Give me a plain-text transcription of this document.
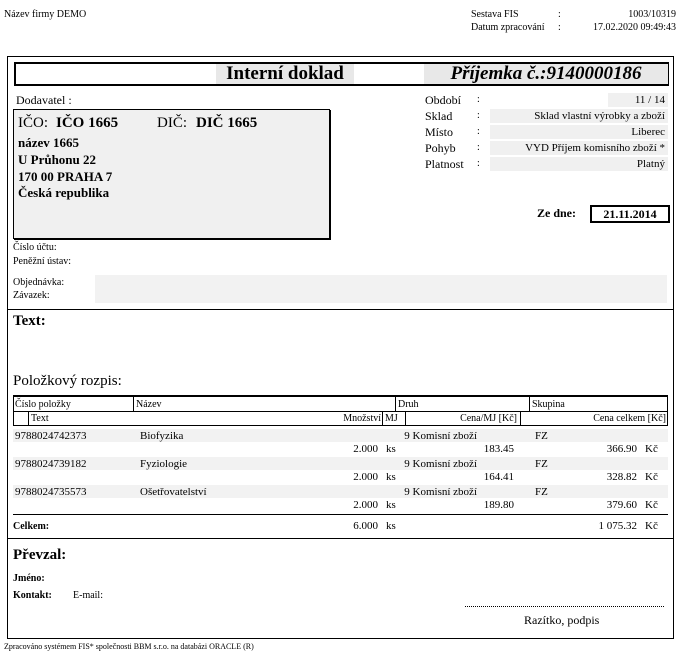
Název firmy DEMO	Sestava FIS	:	1003/10319
Datum zpracování :	17.02.2020 09:49:43
Interní doklad	Příjemka č.:9140000186
Dodavatel :
IČO: IČO 1665	DIČ: DIČ 1665
název 1665
U Průhonu 22
170 00 PRAHA 7
Česká republika
Období :	11 / 14
Sklad :	Sklad vlastní výrobky a zboží
Místo :	Liberec
Pohyb :	VYD Příjem komisního zboží *
Platnost :	Platný
Ze dne:	21.11.2014
Číslo účtu:
Peněžní ústav:
Objednávka:
Závazek:
Text:
Položkový rozpis:
Číslo položky	Název	Druh	Skupina
Text	Množství MJ	Cena/MJ [Kč]	Cena celkem [Kč]
9788024742373	Biofyzika	9 Komisní zboží	FZ
2.000 ks	183.45	366.90 Kč
9788024739182	Fyziologie	9 Komisní zboží	FZ
2.000 ks	164.41	328.82 Kč
9788024735573	Ošetřovatelství	9 Komisní zboží	FZ
2.000 ks	189.80	379.60 Kč
Celkem:	6.000 ks	1 075.32 Kč
Převzal:
Jméno:
Kontakt: E-mail:
Razítko, podpis
Zpracováno systémem FIS* společnosti BBM s.r.o. na databázi ORACLE (R)
